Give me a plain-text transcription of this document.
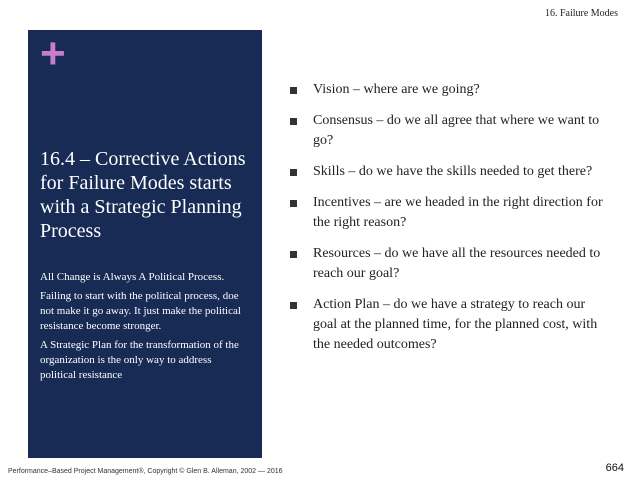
16. Failure Modes
+
16.4 – Corrective Actions for Failure Modes starts with a Strategic Planning Process

All Change is Always A Political Process.

Failing to start with the political process, doe not make it go away. It just make the political resistance become stronger.

A Strategic Plan for the transformation of the organization is the only way to address political resistance

Vision – where are we going?
Consensus – do we all agree that where we want to go?
Skills – do we have the skills needed to get there?
Incentives – are we headed in the right direction for the right reason?
Resources – do we have all the resources needed to reach our goal?
Action Plan – do we have a strategy to reach our goal at the planned time, for the planned cost, with the needed outcomes?
Performance–Based Project Management®, Copyright © Glen B. Alleman, 2002 — 2016	664
